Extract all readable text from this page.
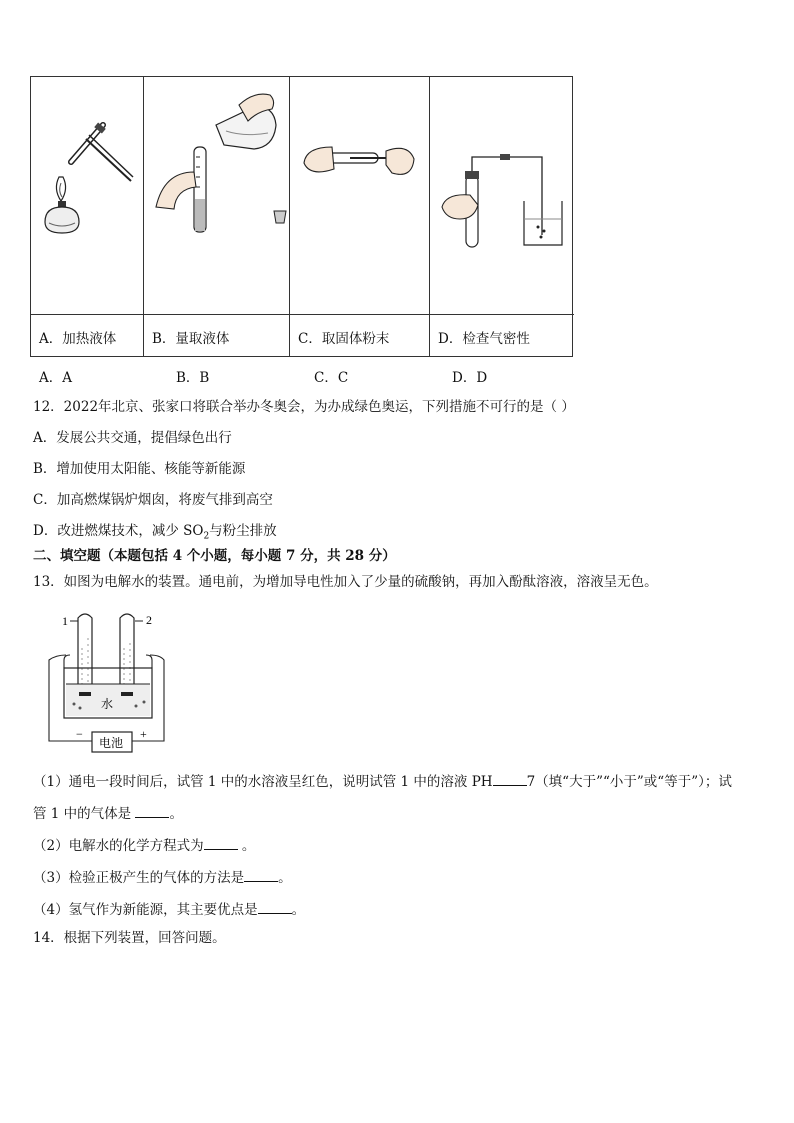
A．加热液体	B．量取液体	C．取固体粉末	D．检查气密性
A．A	B．B	C．C	D．D
12．2022年北京、张家口将联合举办冬奥会，为办成绿色奥运，下列措施不可行的是（ ）
A．发展公共交通，提倡绿色出行
B．增加使用太阳能、核能等新能源
C．加高燃煤锅炉烟囱，将废气排到高空
D．改进燃煤技术，减少 $SO_2$与粉尘排放
二、填空题（本题包括 4 个小题，每小题 7 分，共 28 分）
13．如图为电解水的装置。通电前，为增加导电性加入了少量的硫酸钠，再加入酚酞溶液，溶液呈无色。
1	2
水
电池
−	+
（1）通电一段时间后，试管 1 中的水溶液呈红色，说明试管 1 中的溶液 PH	7（填“大于”“小于”或“等于”）；试
管 1 中的气体是	。
（2）电解水的化学方程式为	。
（3）检验正极产生的气体的方法是	。
（4）氢气作为新能源，其主要优点是	。
14．根据下列装置，回答问题。
